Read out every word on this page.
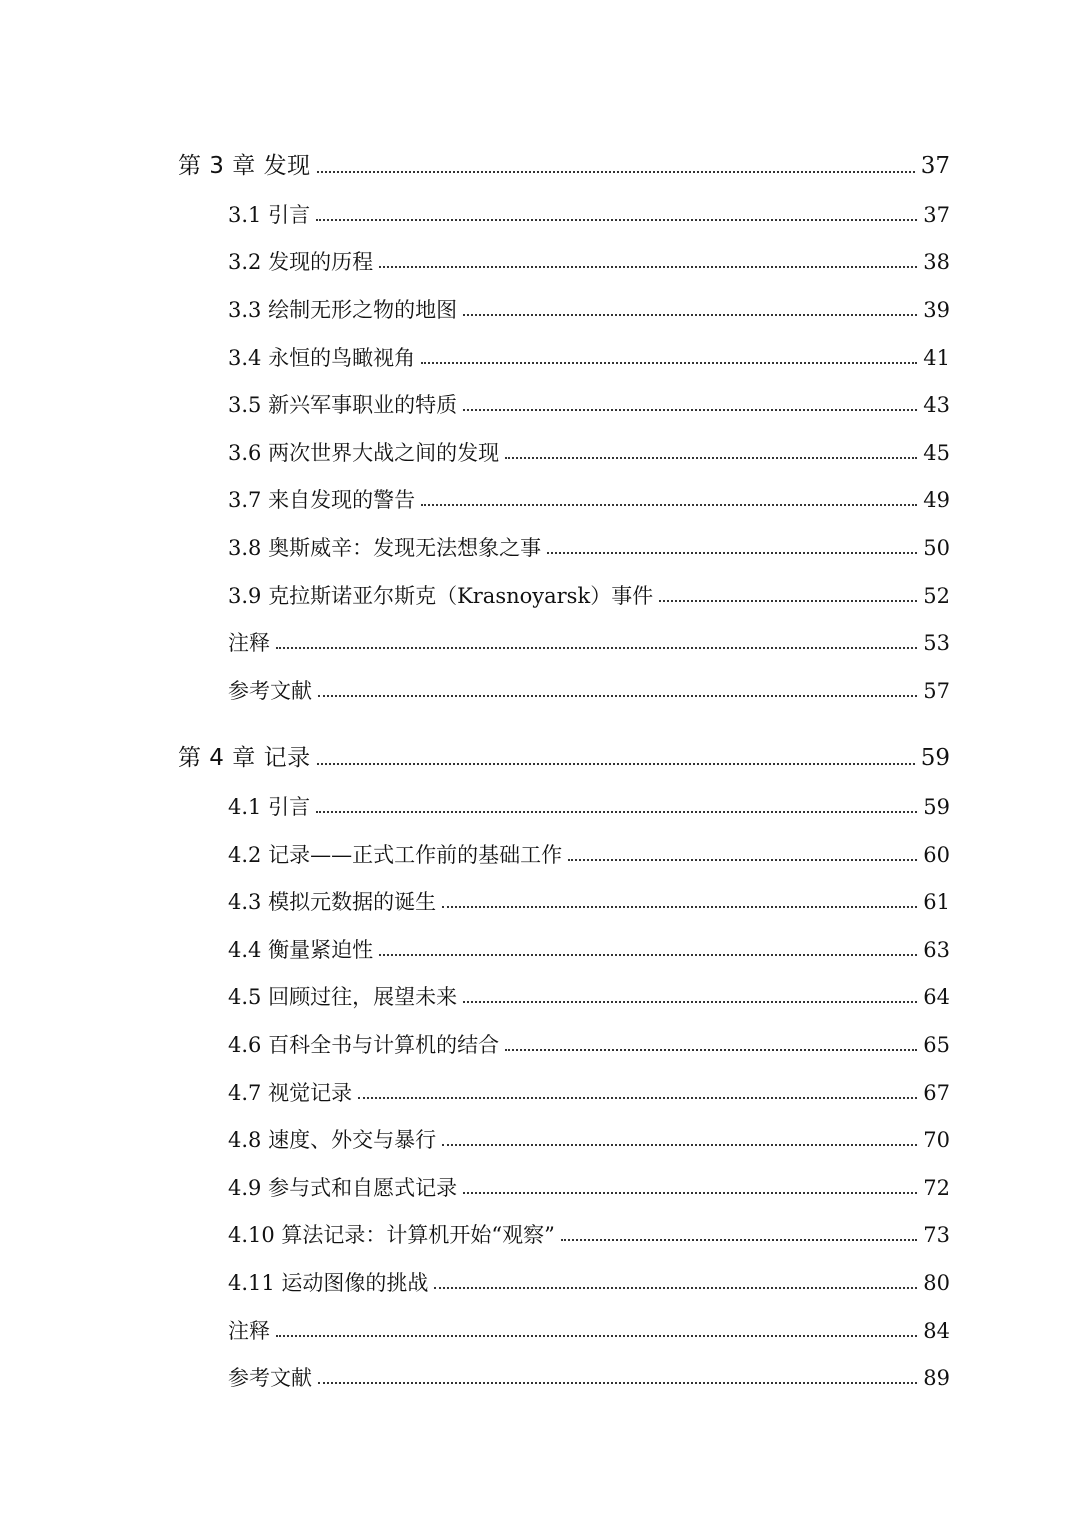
第 3 章 发现	37
3.1 引言	37
3.2 发现的历程	38
3.3 绘制无形之物的地图	39
3.4 永恒的鸟瞰视角	41
3.5 新兴军事职业的特质	43
3.6 两次世界大战之间的发现	45
3.7 来自发现的警告	49
3.8 奥斯威辛：发现无法想象之事	50
3.9 克拉斯诺亚尔斯克（Krasnoyarsk）事件	52
注释	53
参考文献	57
第 4 章 记录	59
4.1 引言	59
4.2 记录——正式工作前的基础工作	60
4.3 模拟元数据的诞生	61
4.4 衡量紧迫性	63
4.5 回顾过往，展望未来	64
4.6 百科全书与计算机的结合	65
4.7 视觉记录	67
4.8 速度、外交与暴行	70
4.9 参与式和自愿式记录	72
4.10 算法记录：计算机开始“观察”	73
4.11 运动图像的挑战	80
注释	84
参考文献	89
